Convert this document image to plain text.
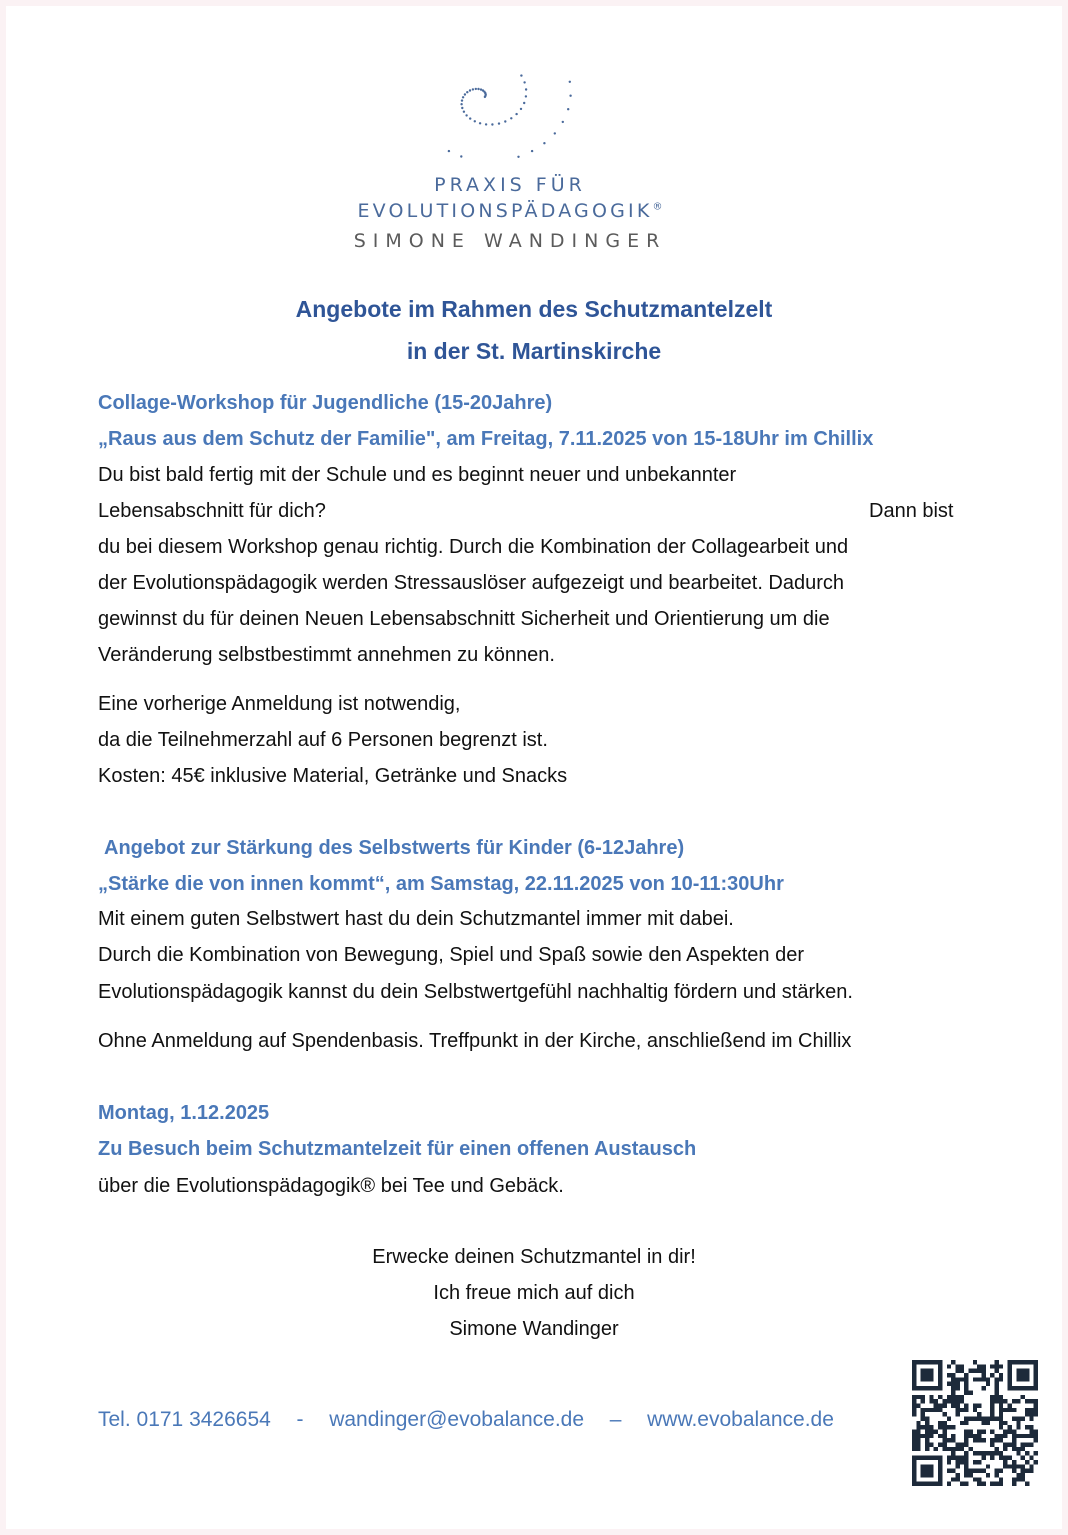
PRAXIS FÜR
EVOLUTIONSPÄDAGOGIK®
SIMONE WANDINGER
Angebote im Rahmen des Schutzmantelzelt
in der St. Martinskirche
Collage-Workshop für Jugendliche (15-20Jahre)
„Raus aus dem Schutz der Familie", am Freitag, 7.11.2025 von 15-18Uhr im Chillix
Du bist bald fertig mit der Schule und es beginnt neuer und unbekannter
Lebensabschnitt für dich?	Dann bist
du bei diesem Workshop genau richtig. Durch die Kombination der Collagearbeit und
der Evolutionspädagogik werden Stressauslöser aufgezeigt und bearbeitet. Dadurch
gewinnst du für deinen Neuen Lebensabschnitt Sicherheit und Orientierung um die
Veränderung selbstbestimmt annehmen zu können.
Eine vorherige Anmeldung ist notwendig,
da die Teilnehmerzahl auf 6 Personen begrenzt ist.
Kosten: 45€ inklusive Material, Getränke und Snacks
Angebot zur Stärkung des Selbstwerts für Kinder (6-12Jahre)
„Stärke die von innen kommt“, am Samstag, 22.11.2025 von 10-11:30Uhr
Mit einem guten Selbstwert hast du dein Schutzmantel immer mit dabei.
Durch die Kombination von Bewegung, Spiel und Spaß sowie den Aspekten der
Evolutionspädagogik kannst du dein Selbstwertgefühl nachhaltig fördern und stärken.
Ohne Anmeldung auf Spendenbasis. Treffpunkt in der Kirche, anschließend im Chillix
Montag, 1.12.2025
Zu Besuch beim Schutzmantelzeit für einen offenen Austausch
über die Evolutionspädagogik® bei Tee und Gebäck.
Erwecke deinen Schutzmantel in dir!
Ich freue mich auf dich
Simone Wandinger
Tel. 0171 3426654 - wandinger@evobalance.de – www.evobalance.de
